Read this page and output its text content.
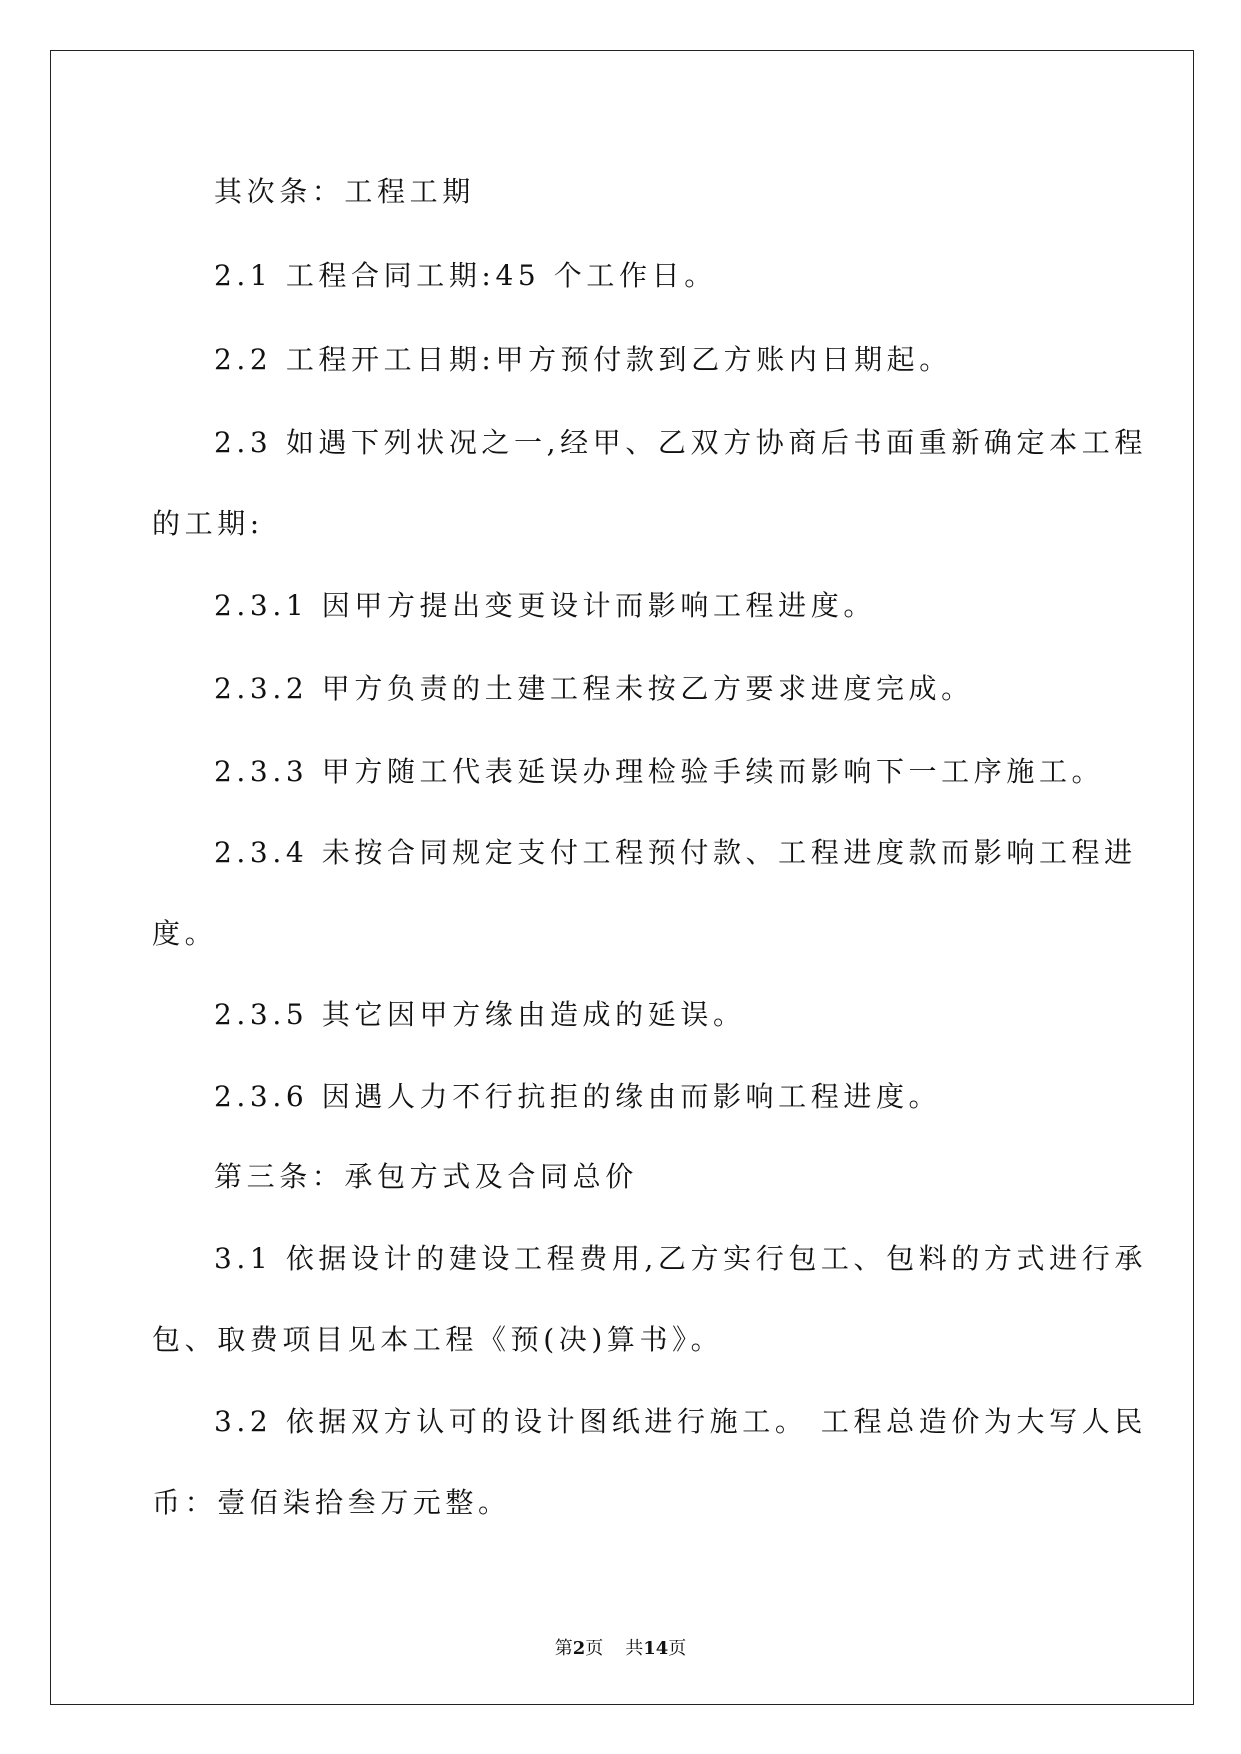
其次条：工程工期
2.1 工程合同工期:45 个工作日。
2.2 工程开工日期:甲方预付款到乙方账内日期起。
2.3 如遇下列状况之一,经甲、乙双方协商后书面重新确定本工程
的工期:
2.3.1 因甲方提出变更设计而影响工程进度。
2.3.2 甲方负责的土建工程未按乙方要求进度完成。
2.3.3 甲方随工代表延误办理检验手续而影响下一工序施工。
2.3.4 未按合同规定支付工程预付款、工程进度款而影响工程进
度。
2.3.5 其它因甲方缘由造成的延误。
2.3.6 因遇人力不行抗拒的缘由而影响工程进度。
第三条：承包方式及合同总价
3.1 依据设计的建设工程费用,乙方实行包工、包料的方式进行承
包、取费项目见本工程《预(决)算书》。
3.2 依据双方认可的设计图纸进行施工。 工程总造价为大写人民
币：壹佰柒拾叁万元整。
第2页 共14页
